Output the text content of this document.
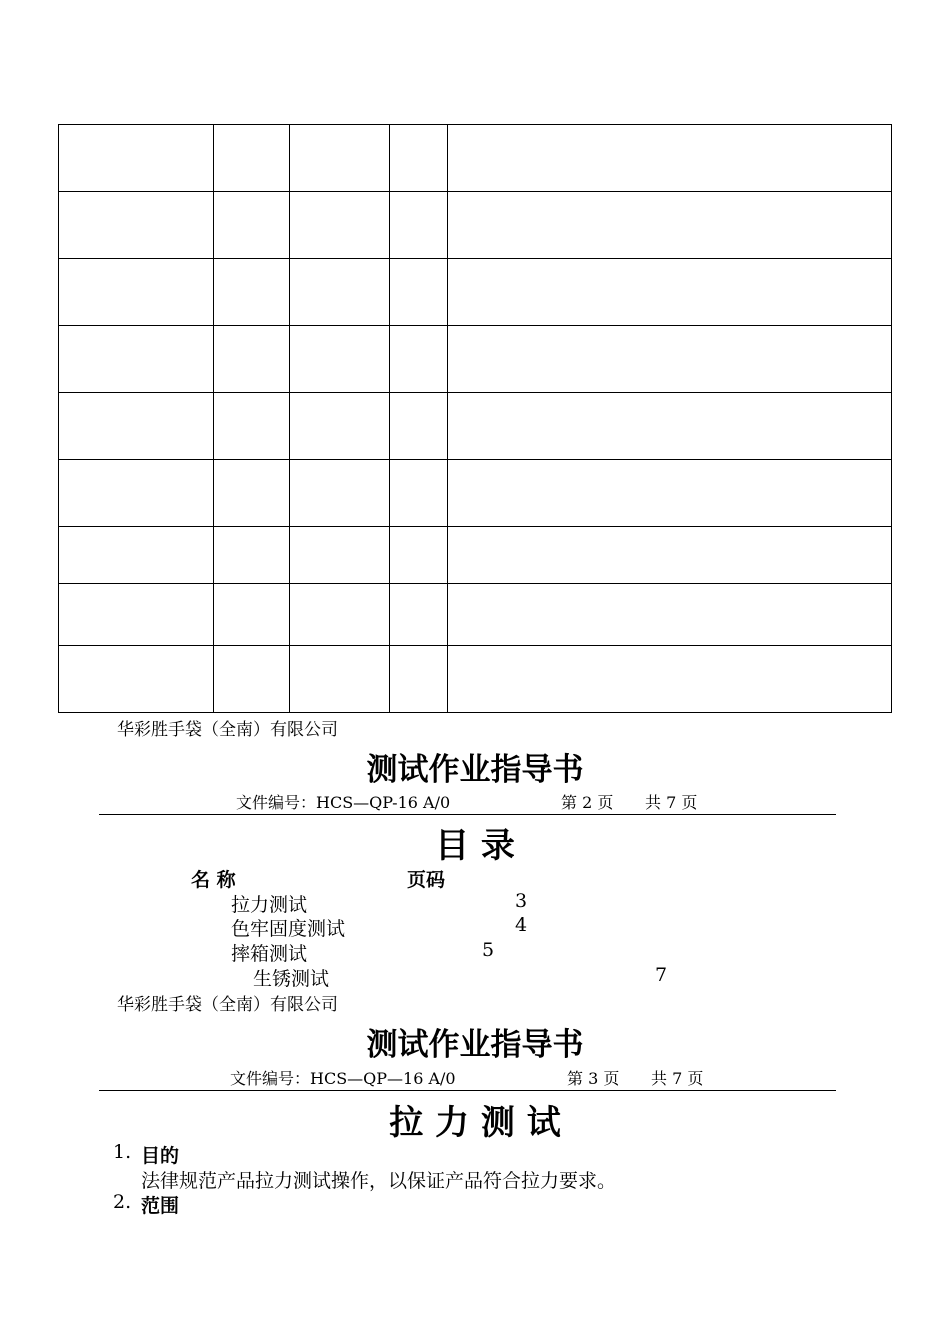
华彩胜手袋（全南）有限公司
测试作业指导书
文件编号：HCS—QP-16 A/0	第 2 页 共 7 页
目 录
名 称	页码
拉力测试	3
色牢固度测试	4
摔箱测试	5
生锈测试	7
华彩胜手袋（全南）有限公司
测试作业指导书
文件编号：HCS—QP—16 A/0	第 3 页 共 7 页
拉 力 测 试
1. 目的
法律规范产品拉力测试操作，以保证产品符合拉力要求。
2. 范围
